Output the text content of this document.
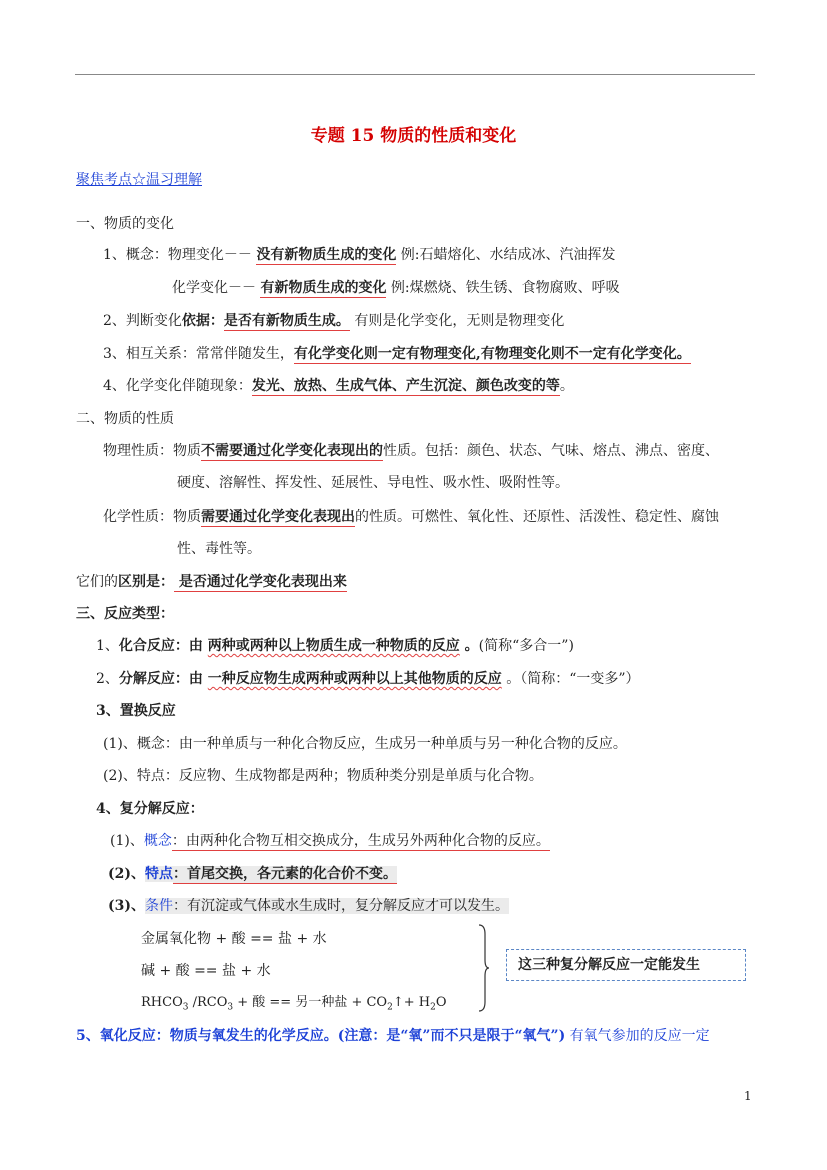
专题 15 物质的性质和变化
聚焦考点☆温习理解
一、物质的变化
1、概念：物理变化－－ 没有新物质生成的变化 例:石蜡熔化、水结成冰、汽油挥发
化学变化－－ 有新物质生成的变化 例:煤燃烧、铁生锈、食物腐败、呼吸
2、判断变化依据：是否有新物质生成。 有则是化学变化，无则是物理变化
3、相互关系：常常伴随发生，有化学变化则一定有物理变化,有物理变化则不一定有化学变化。
4、化学变化伴随现象：发光、放热、生成气体、产生沉淀、颜色改变的等。
二、物质的性质
物理性质：物质不需要通过化学变化表现出的性质。包括：颜色、状态、气味、熔点、沸点、密度、
硬度、溶解性、挥发性、延展性、导电性、吸水性、吸附性等。
化学性质：物质需要通过化学变化表现出的性质。可燃性、氧化性、还原性、活泼性、稳定性、腐蚀
性、毒性等。
它们的区别是： 是否通过化学变化表现出来
三、反应类型：
1、化合反应：由 两种或两种以上物质生成一种物质的反应 。(简称“多合一”)
2、分解反应：由 一种反应物生成两种或两种以上其他物质的反应 。（简称：“一变多”）
3、置换反应
(1)、概念：由一种单质与一种化合物反应，生成另一种单质与另一种化合物的反应。
(2)、特点：反应物、生成物都是两种；物质种类分别是单质与化合物。
4、复分解反应：
(1)、概念：由两种化合物互相交换成分，生成另外两种化合物的反应。
(2)、特点：首尾交换，各元素的化合价不变。
(3)、条件：有沉淀或气体或水生成时，复分解反应才可以发生。
金属氧化物 + 酸 == 盐 + 水
碱 + 酸 == 盐 + 水
$RHCO_3$ $/RCO_3$ + 酸 == 另一种盐 + $CO_2↑+ H_2O$
这三种复分解反应一定能发生
5、氧化反应：物质与氧发生的化学反应。(注意：是“氧”而不只是限于“氧气”) 有氧气参加的反应一定
1
